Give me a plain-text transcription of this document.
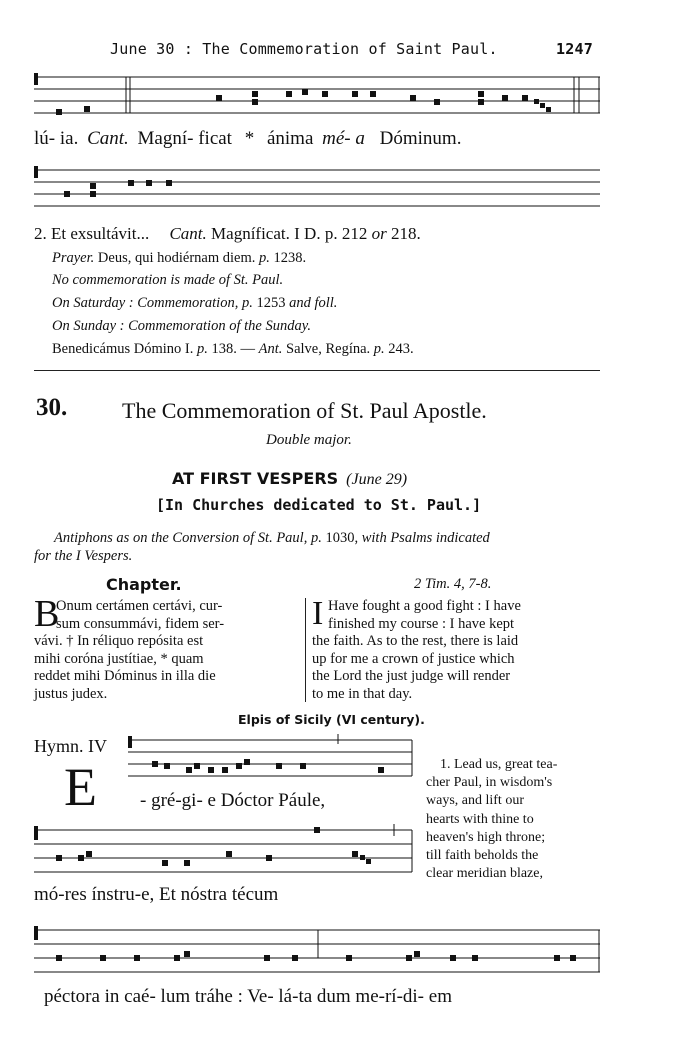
June 30 : The Commemoration of Saint Paul.	1247
lú- ia. Cant. Magní- ficat * ánima mé- a Dóminum.
2. Et exsultávit... Cant. Magníficat. I D. p. 212 or 218.
Prayer. Deus, qui hodiérnam diem. p. 1238.
No commemoration is made of St. Paul.
On Saturday : Commemoration, p. 1253 and foll.
On Sunday : Commemoration of the Sunday.
Benedicámus Dómino I. p. 138. — Ant. Salve, Regína. p. 243.
30. The Commemoration of St. Paul Apostle.
Double major.
AT FIRST VESPERS (June 29)
[In Churches dedicated to St. Paul.]
Antiphons as on the Conversion of St. Paul, p. 1030, with Psalms indicated
for the I Vespers.
Chapter.	2 Tim. 4, 7-8.
B
Onum certámen certávi, cur-
sum consummávi, fidem ser-
vávi. † In réliquo repósita est
mihi coróna justítiae, * quam
reddet mihi Dóminus in illa die
justus judex.
I Have fought a good fight : I have
finished my course : I have kept
the faith. As to the rest, there is laid
up for me a crown of justice which
the Lord the just judge will render
to me in that day.
Elpis of Sicily (VI century).
Hymn. IV
E - gré-gi- e Dóctor Páule,
1. Lead us, great tea-
cher Paul, in wisdom's
ways, and lift our
hearts with thine to
heaven's high throne;
till faith beholds the
clear meridian blaze,
mó-res ínstru-e, Et nóstra técum
péctora in caé- lum tráhe : Ve- lá-ta dum me-rí-di- em
